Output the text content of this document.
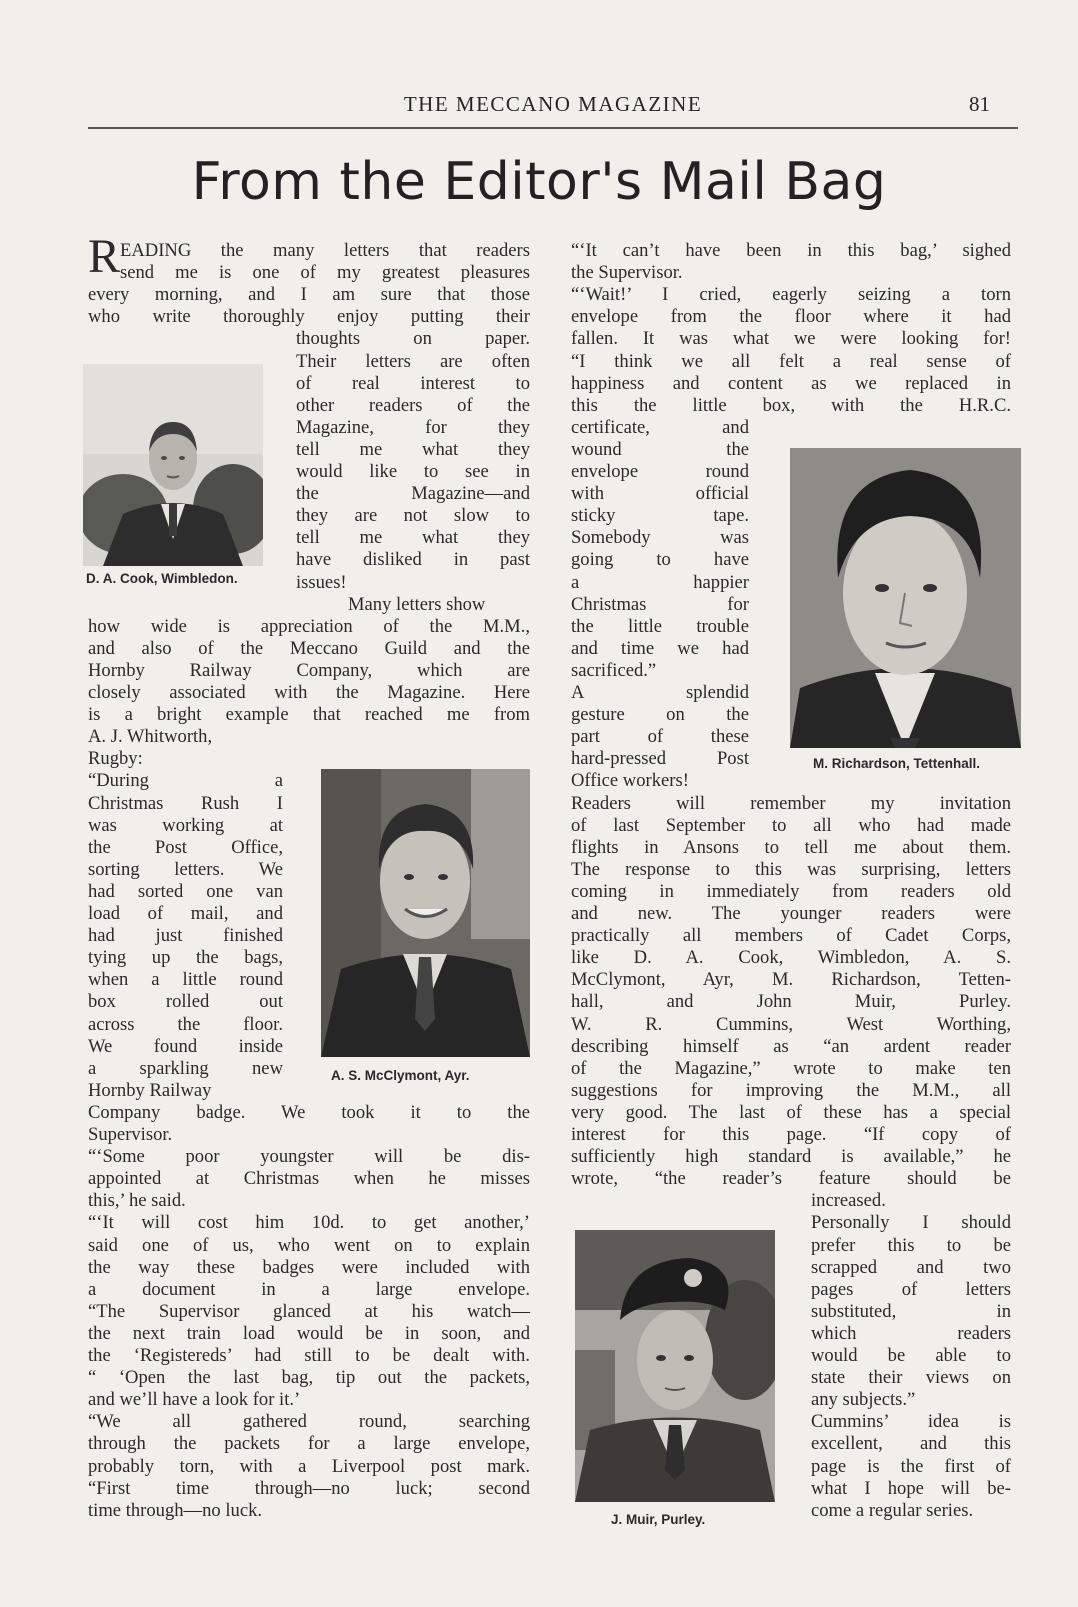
THE MECCANO MAGAZINE	81
From the Editor's Mail Bag
R EADING the many letters that readers
send me is one of my greatest pleasures
every morning, and I am sure that those
who write thoroughly enjoy putting their
thoughts on paper.
Their letters are often
of real interest to
other readers of the
Magazine, for they
tell me what they
would like to see in
the Magazine—and
they are not slow to
tell me what they
have disliked in past
issues!
Many letters show
how wide is appreciation of the M.M.,
and also of the Meccano Guild and the
Hornby Railway Company, which are
closely associated with the Magazine. Here
is a bright example that reached me from
A. J. Whitworth,
Rugby:
“During a
Christmas Rush I
was working at
the Post Office,
sorting letters. We
had sorted one van
load of mail, and
had just finished
tying up the bags,
when a little round
box rolled out
across the floor.
We found inside
a sparkling new
Hornby Railway
Company badge. We took it to the
Supervisor.
“‘Some poor youngster will be dis-
appointed at Christmas when he misses
this,’ he said.
“‘It will cost him 10d. to get another,’
said one of us, who went on to explain
the way these badges were included with
a document in a large envelope.
“The Supervisor glanced at his watch—
the next train load would be in soon, and
the ‘Registereds’ had still to be dealt with.
“ ‘Open the last bag, tip out the packets,
and we’ll have a look for it.’
“We all gathered round, searching
through the packets for a large envelope,
probably torn, with a Liverpool post mark.
“First time through—no luck; second
time through—no luck.
“‘It can’t have been in this bag,’ sighed
the Supervisor.
“‘Wait!’ I cried, eagerly seizing a torn
envelope from the floor where it had
fallen. It was what we were looking for!
“I think we all felt a real sense of
happiness and content as we replaced in
this the little box, with the H.R.C.
certificate, and
wound the
envelope round
with official
sticky tape.
Somebody was
going to have
a happier
Christmas for
the little trouble
and time we had
sacrificed.”
A splendid
gesture on the
part of these
hard-pressed Post
Office workers!
Readers will remember my invitation
of last September to all who had made
flights in Ansons to tell me about them.
The response to this was surprising, letters
coming in immediately from readers old
and new. The younger readers were
practically all members of Cadet Corps,
like D. A. Cook, Wimbledon, A. S.
McClymont, Ayr, M. Richardson, Tetten-
hall, and John Muir, Purley.
W. R. Cummins, West Worthing,
describing himself as “an ardent reader
of the Magazine,” wrote to make ten
suggestions for improving the M.M., all
very good. The last of these has a special
interest for this page. “If copy of
sufficiently high standard is available,” he
wrote, “the reader’s feature should be
increased.
Personally I should
prefer this to be
scrapped and two
pages of letters
substituted, in
which readers
would be able to
state their views on
any subjects.”
Cummins’ idea is
excellent, and this
page is the first of
what I hope will be-
come a regular series.
D. A. Cook, Wimbledon.
A. S. McClymont, Ayr.
M. Richardson, Tettenhall.
J. Muir, Purley.
